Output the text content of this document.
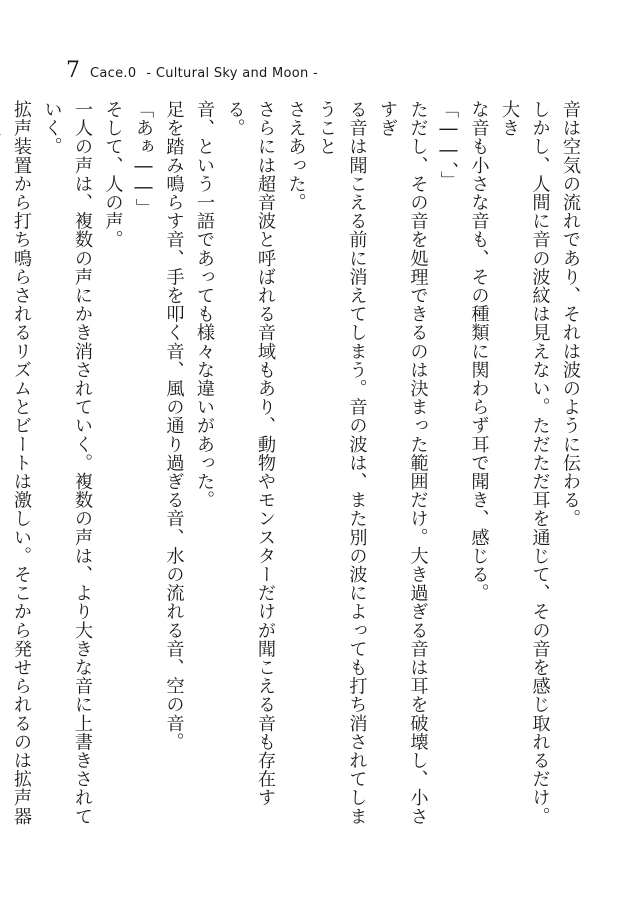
7 Cace.0 - Cultural Sky and Moon -

音は空気の流れであり、それは波のように伝わる。

しかし、人間に音の波紋は見えない。ただただ耳を通じて、その音を感じ取れるだけ。大き

な音も小さな音も、その種類に関わらず耳で聞き、感じる。

「――、」

ただし、その音を処理できるのは決まった範囲だけ。大き過ぎる音は耳を破壊し、小さすぎ

る音は聞こえる前に消えてしまう。音の波は、また別の波によっても打ち消されてしまうこと

さえあった。

さらには超音波と呼ばれる音域もあり、動物やモンスターだけが聞こえる音も存在する。

音、という一語であっても様々な違いがあった。

足を踏み鳴らす音、手を叩く音、風の通り過ぎる音、水の流れる音、空の音。

「あぁ――」

そして、人の声。

一人の声は、複数の声にかき消されていく。複数の声は、より大きな音に上書きされていく。

拡声装置から打ち鳴らされるリズムとビートは激しい。そこから発せられるのは拡声器
